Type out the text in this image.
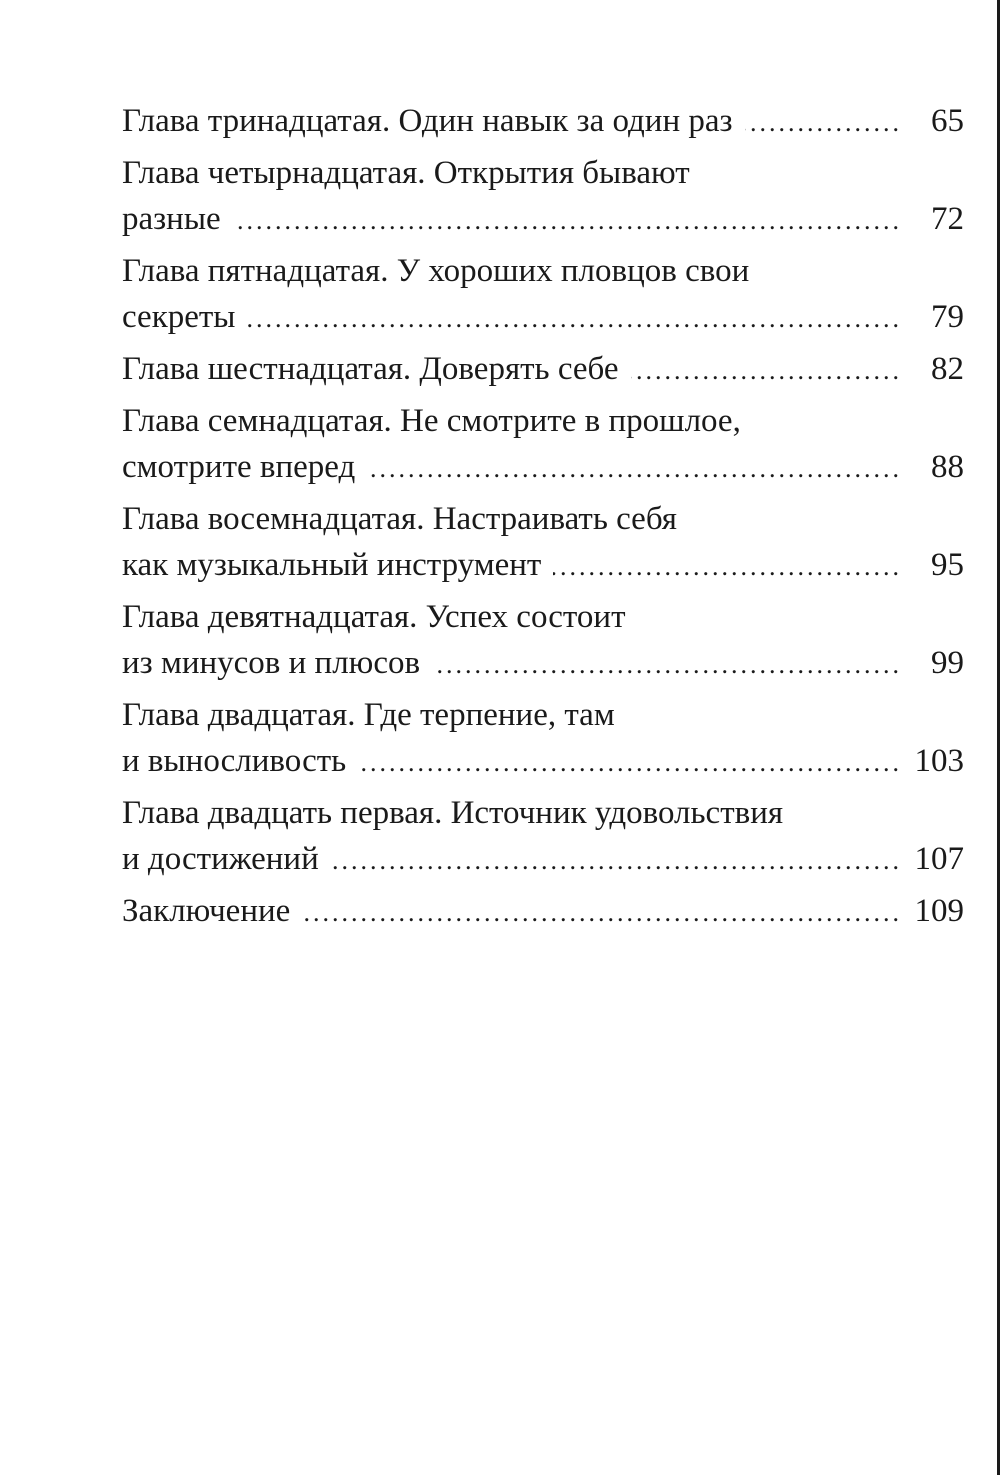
Глава тринадцатая. Один навык за один раз .....	65
Глава четырнадцатая. Открытия бывают
разные .....	72
Глава пятнадцатая. У хороших пловцов свои
секреты .....	79
Глава шестнадцатая. Доверять себе .....	82
Глава семнадцатая. Не смотрите в прошлое,
смотрите вперед .....	88
Глава восемнадцатая. Настраивать себя
как музыкальный инструмент .....	95
Глава девятнадцатая. Успех состоит
из минусов и плюсов .....	99
Глава двадцатая. Где терпение, там
и выносливость .....	103
Глава двадцать первая. Источник удовольствия
и достижений .....	107
Заключение .....	109
